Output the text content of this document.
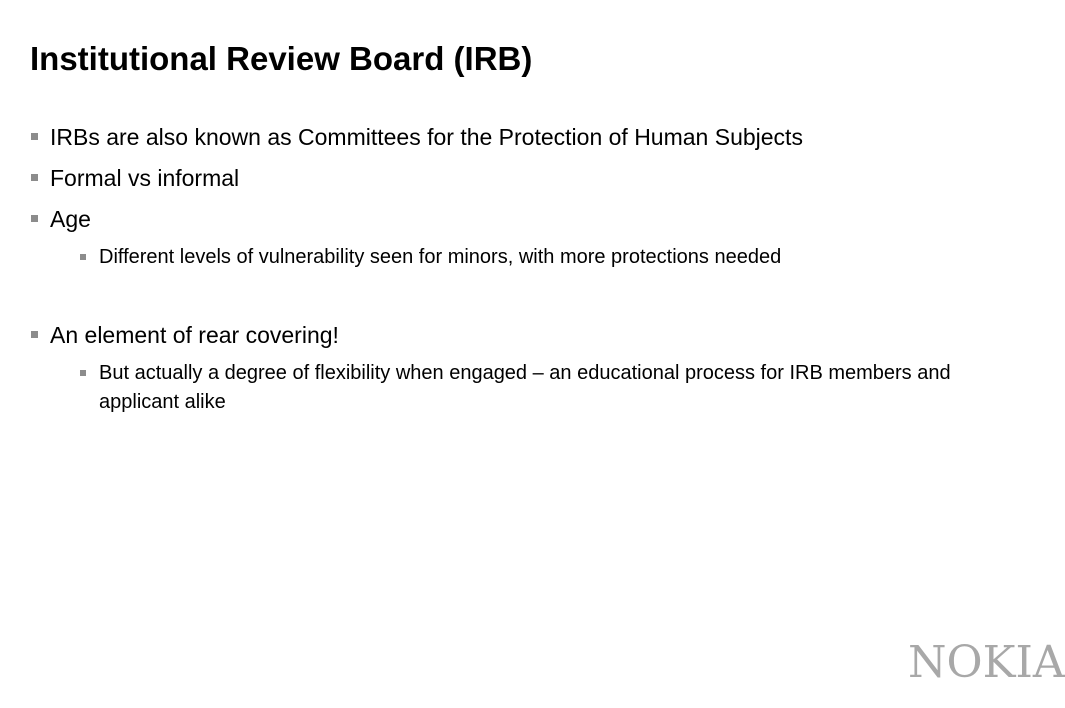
Institutional Review Board (IRB)
IRBs are also known as Committees for the Protection of Human Subjects
Formal vs informal
Age
Different levels of vulnerability seen for minors, with more protections needed
An element of rear covering!
But actually a degree of flexibility when engaged – an educational process for IRB members and applicant alike
NOKIA
